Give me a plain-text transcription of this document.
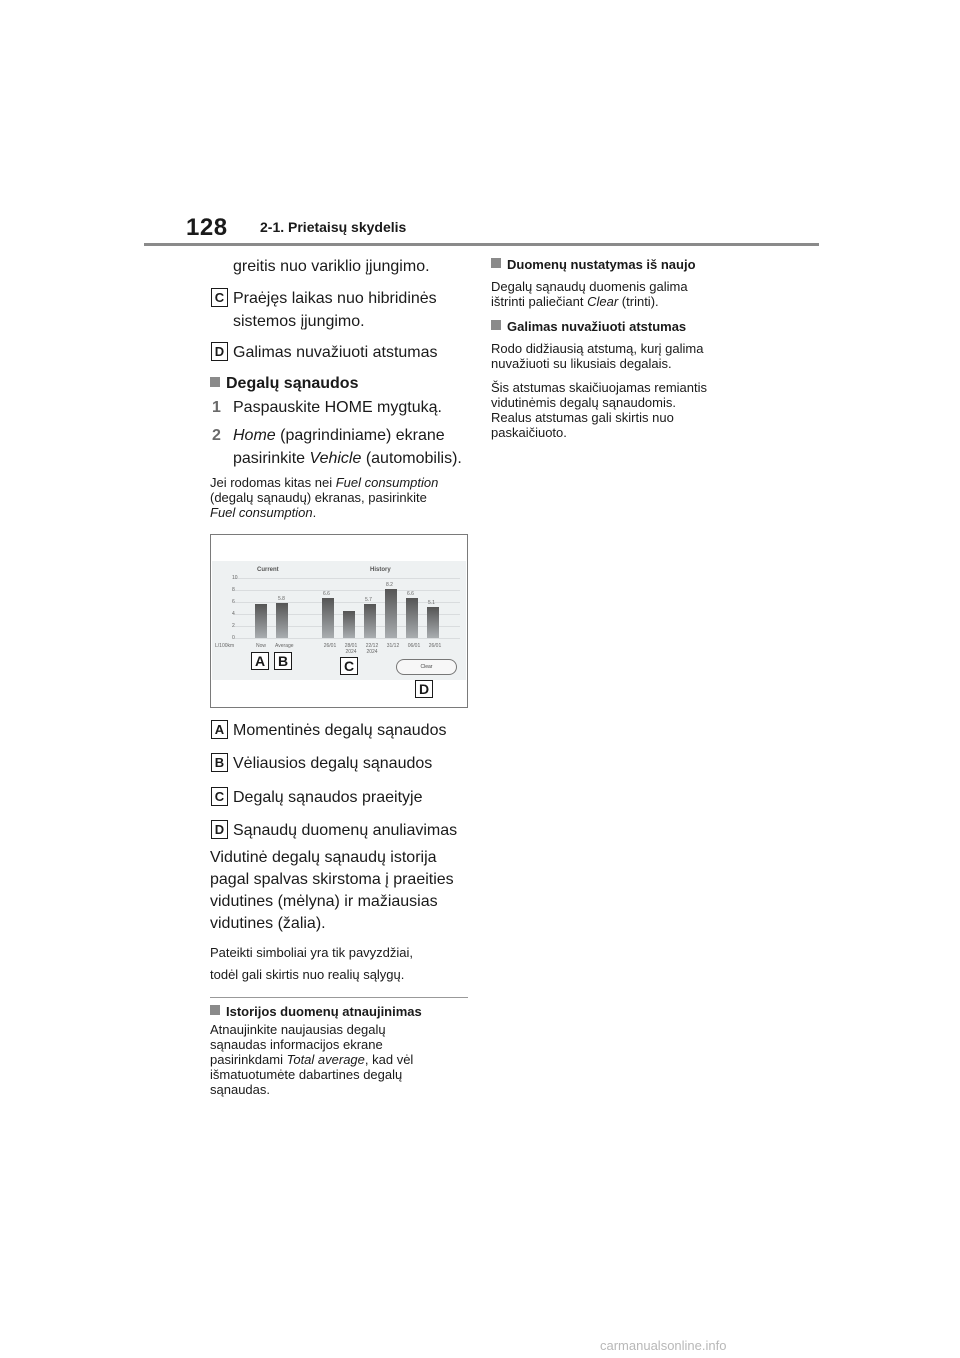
128 2-1. Prietaisų skydelis
greitis nuo variklio įjungimo.
C Praėjęs laikas nuo hibridinės
sistemos įjungimo.
D Galimas nuvažiuoti atstumas
Degalų sąnaudos
1 Paspauskite HOME mygtuką.
2 Home (pagrindiniame) ekrane
pasirinkite Vehicle (automobilis).
Jei rodomas kitas nei Fuel consumption
(degalų sąnaudų) ekranas, pasirinkite
Fuel consumption.
Current	History
L/100km	Now Average
Clear
10
8
6
4
2
0
5.8
6.6
26/01	28/01 2024
5.7
22/12 2024
8.2
31/12
6.6
06/01
5.1
26/01
A B	C
D
A Momentinės degalų sąnaudos
B Vėliausios degalų sąnaudos
C Degalų sąnaudos praeityje
D Sąnaudų duomenų anuliavimas
Vidutinė degalų sąnaudų istorija
pagal spalvas skirstoma į praeities
vidutines (mėlyna) ir mažiausias
vidutines (žalia).
Pateikti simboliai yra tik pavyzdžiai,
todėl gali skirtis nuo realių sąlygų.
Istorijos duomenų atnaujinimas
Atnaujinkite naujausias degalų
sąnaudas informacijos ekrane
pasirinkdami Total average, kad vėl
išmatuotumėte dabartines degalų
sąnaudas.
Duomenų nustatymas iš naujo
Degalų sąnaudų duomenis galima
ištrinti paliečiant Clear (trinti).
Galimas nuvažiuoti atstumas
Rodo didžiausią atstumą, kurį galima
nuvažiuoti su likusiais degalais.
Šis atstumas skaičiuojamas remiantis
vidutinėmis degalų sąnaudomis.
Realus atstumas gali skirtis nuo
paskaičiuoto.
carmanualsonline.info
